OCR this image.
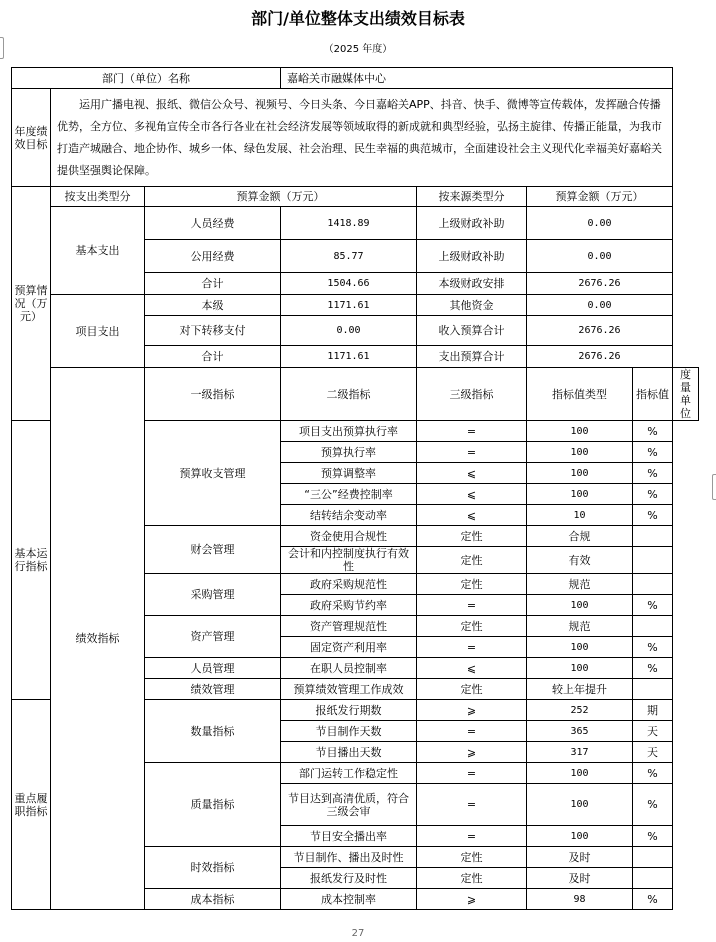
部门/单位整体支出绩效目标表
（2025 年度）
部门（单位）名称			嘉峪关市融媒体中心				
年度绩效目标	运用广播电视、报纸、微信公众号、视频号、今日头条、今日嘉峪关APP、抖音、快手、微博等宣传载体，发挥融合传播优势，全方位、多视角宣传全市各行各业在社会经济发展等领域取得的新成就和典型经验，弘扬主旋律、传播正能量，为我市打造产城融合、地企协作、城乡一体、绿色发展、社会治理、民生幸福的典范城市，全面建设社会主义现代化幸福美好嘉峪关提供坚强舆论保障。						
预算情况（万元）	按支出类型分	预算金额（万元）		按来源类型分	预算金额（万元）		
	基本支出	人员经费	1418.89	上级财政补助	0.00		
		公用经费	85.77	上级财政补助	0.00		
		合计	1504.66	本级财政安排	2676.26		
	项目支出	本级	1171.61	其他资金	0.00		
		对下转移支付	0.00	收入预算合计	2676.26		
		合计	1171.61	支出预算合计	2676.26		
	绩效指标	一级指标	二级指标	三级指标	指标值类型	指标值	度量单位
基本运行指标		预算收支管理	项目支出预算执行率	=	100	%	
			预算执行率	=	100	%	
			预算调整率	⩽	100	%	
			“三公”经费控制率	⩽	100	%	
			结转结余变动率	⩽	10	%	
		财会管理	资金使用合规性	定性	合规		
			会计和内控制度执行有效性	定性	有效		
		采购管理	政府采购规范性	定性	规范		
			政府采购节约率	=	100	%	
		资产管理	资产管理规范性	定性	规范		
			固定资产利用率	=	100	%	
		人员管理	在职人员控制率	⩽	100	%	
		绩效管理	预算绩效管理工作成效	定性	较上年提升		
重点履职指标		数量指标	报纸发行期数	⩾	252	期	
			节目制作天数	=	365	天	
			节目播出天数	⩾	317	天	
		质量指标	部门运转工作稳定性	=	100	%	
			节目达到高清优质，符合三级会审	=	100	%	
			节目安全播出率	=	100	%	
		时效指标	节目制作、播出及时性	定性	及时		
			报纸发行及时性	定性	及时		
		成本指标	成本控制率	⩾	98	%	
27
